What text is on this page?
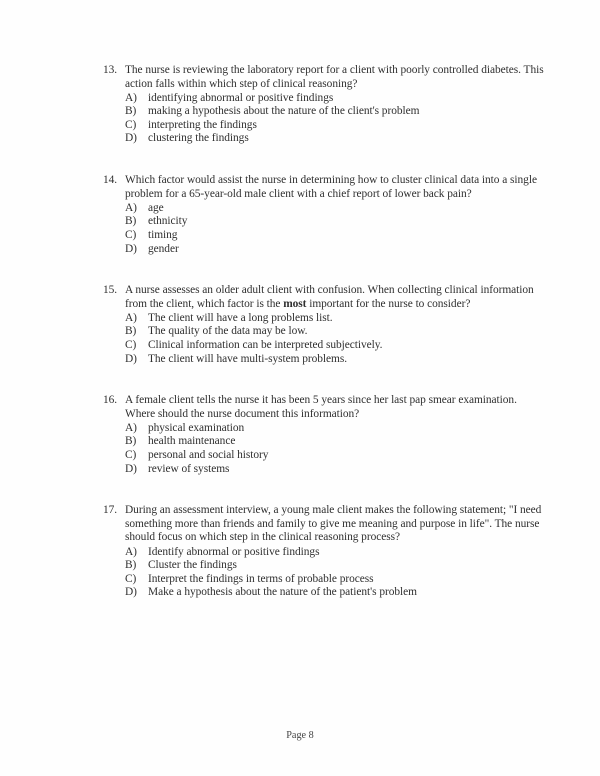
13. The nurse is reviewing the laboratory report for a client with poorly controlled diabetes. This action falls within which step of clinical reasoning?
A) identifying abnormal or positive findings
B)	making a hypothesis about the nature of the client's problem
C)	interpreting the findings
D) clustering the findings
14. Which factor would assist the nurse in determining how to cluster clinical data into a single problem for a 65-year-old male client with a chief report of lower back pain?
A) age
B)	ethnicity
C)	timing
D) gender
15. A nurse assesses an older adult client with confusion. When collecting clinical information from the client, which factor is the most important for the nurse to consider?
A) The client will have a long problems list.
B)	The quality of the data may be low.
C)	Clinical information can be interpreted subjectively.
D) The client will have multi-system problems.
16. A female client tells the nurse it has been 5 years since her last pap smear examination. Where should the nurse document this information?
A) physical examination
B)	health maintenance
C)	personal and social history
D) review of systems
17. During an assessment interview, a young male client makes the following statement; "I need something more than friends and family to give me meaning and purpose in life". The nurse should focus on which step in the clinical reasoning process?
A) Identify abnormal or positive findings
B)	Cluster the findings
C)	Interpret the findings in terms of probable process
D) Make a hypothesis about the nature of the patient's problem
Page 8
